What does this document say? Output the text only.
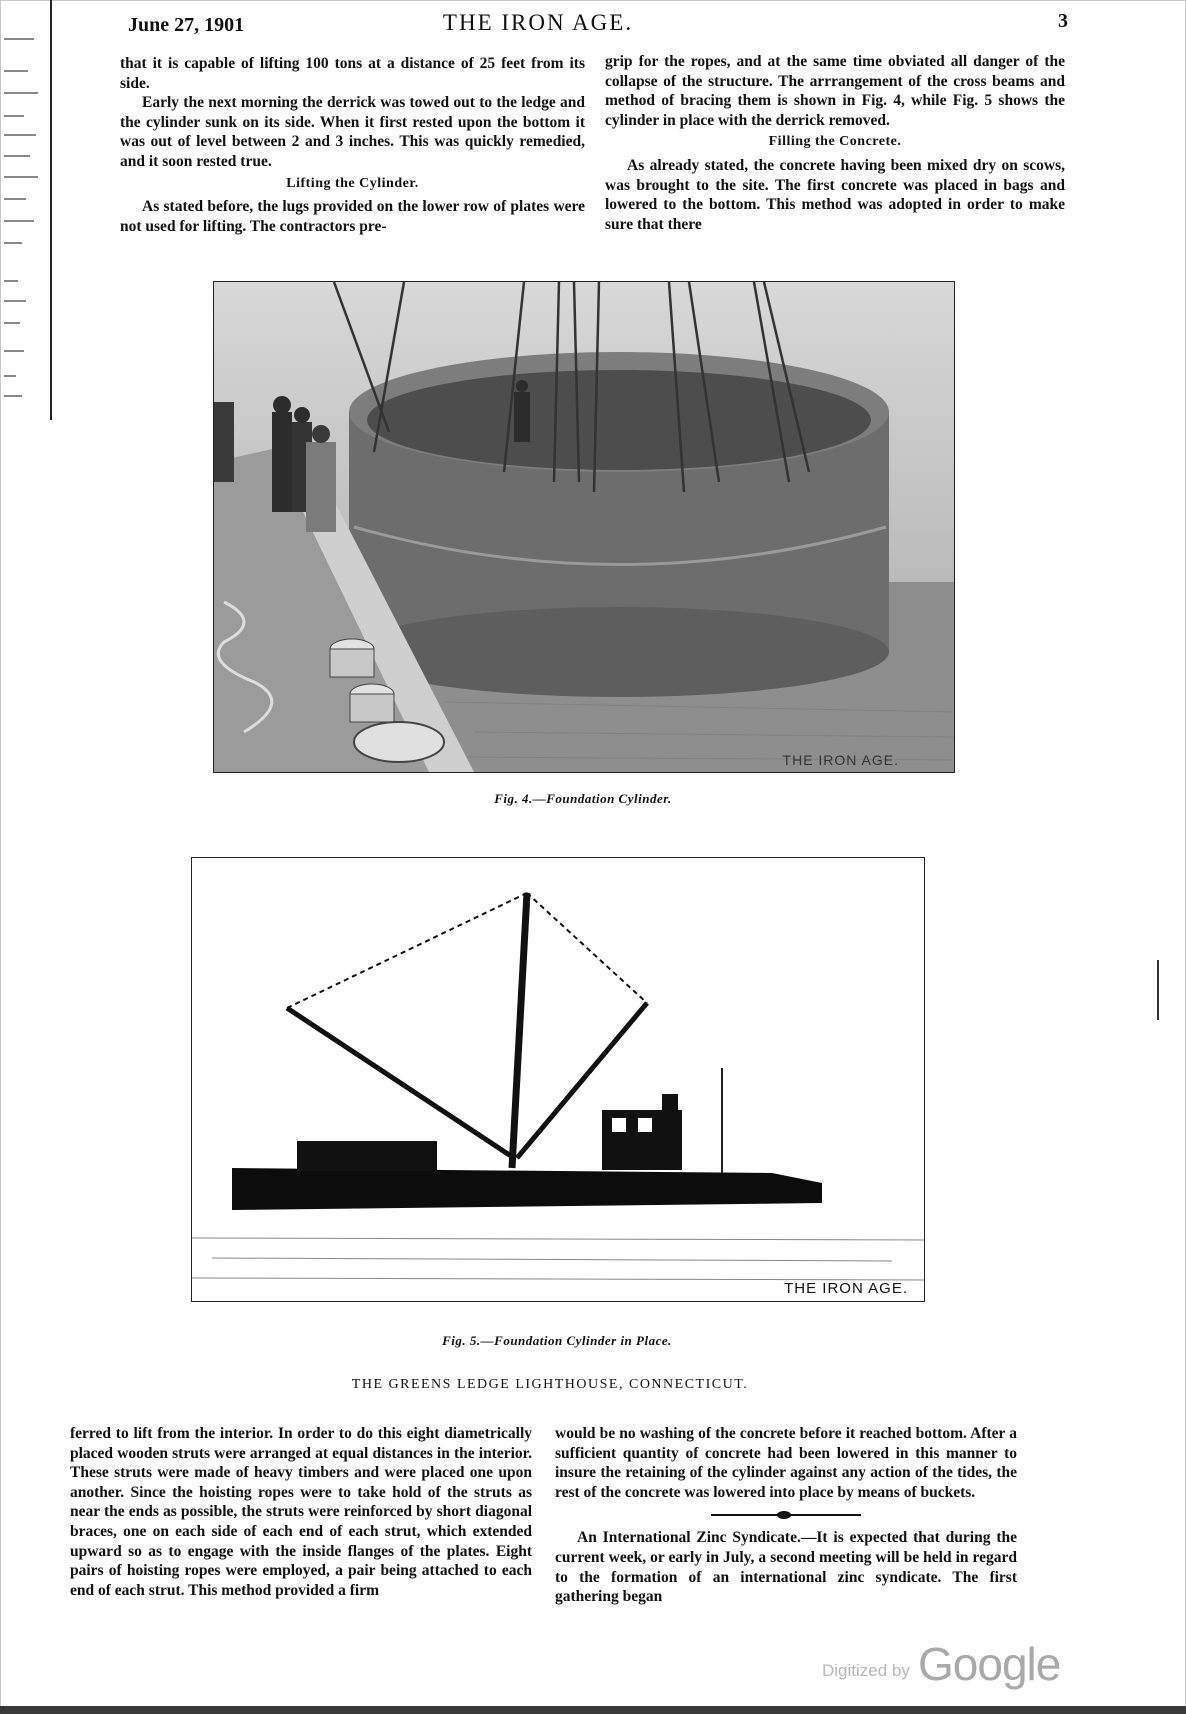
June 27, 1901	THE IRON AGE.	3

that it is capable of lifting 100 tons at a distance of 25 feet from its side.

Early the next morning the derrick was towed out to the ledge and the cylinder sunk on its side. When it first rested upon the bottom it was out of level between 2 and 3 inches. This was quickly remedied, and it soon rested true.

Lifting the Cylinder.

As stated before, the lugs provided on the lower row of plates were not used for lifting. The contractors pre-

grip for the ropes, and at the same time obviated all danger of the collapse of the structure. The arrrangement of the cross beams and method of bracing them is shown in Fig. 4, while Fig. 5 shows the cylinder in place with the derrick removed.

Filling the Concrete.

As already stated, the concrete having been mixed dry on scows, was brought to the site. The first concrete was placed in bags and lowered to the bottom. This method was adopted in order to make sure that there

THE IRON AGE.
Fig. 4.—Foundation Cylinder.
THE IRON AGE.
Fig. 5.—Foundation Cylinder in Place.
THE GREENS LEDGE LIGHTHOUSE, CONNECTICUT.

ferred to lift from the interior. In order to do this eight diametrically placed wooden struts were arranged at equal distances in the interior. These struts were made of heavy timbers and were placed one upon another. Since the hoisting ropes were to take hold of the struts as near the ends as possible, the struts were reinforced by short diagonal braces, one on each side of each end of each strut, which extended upward so as to engage with the inside flanges of the plates. Eight pairs of hoisting ropes were employed, a pair being attached to each end of each strut. This method provided a firm

would be no washing of the concrete before it reached bottom. After a sufficient quantity of concrete had been lowered in this manner to insure the retaining of the cylinder against any action of the tides, the rest of the concrete was lowered into place by means of buckets.

An International Zinc Syndicate.—It is expected that during the current week, or early in July, a second meeting will be held in regard to the formation of an international zinc syndicate. The first gathering began

Digitized by Google
